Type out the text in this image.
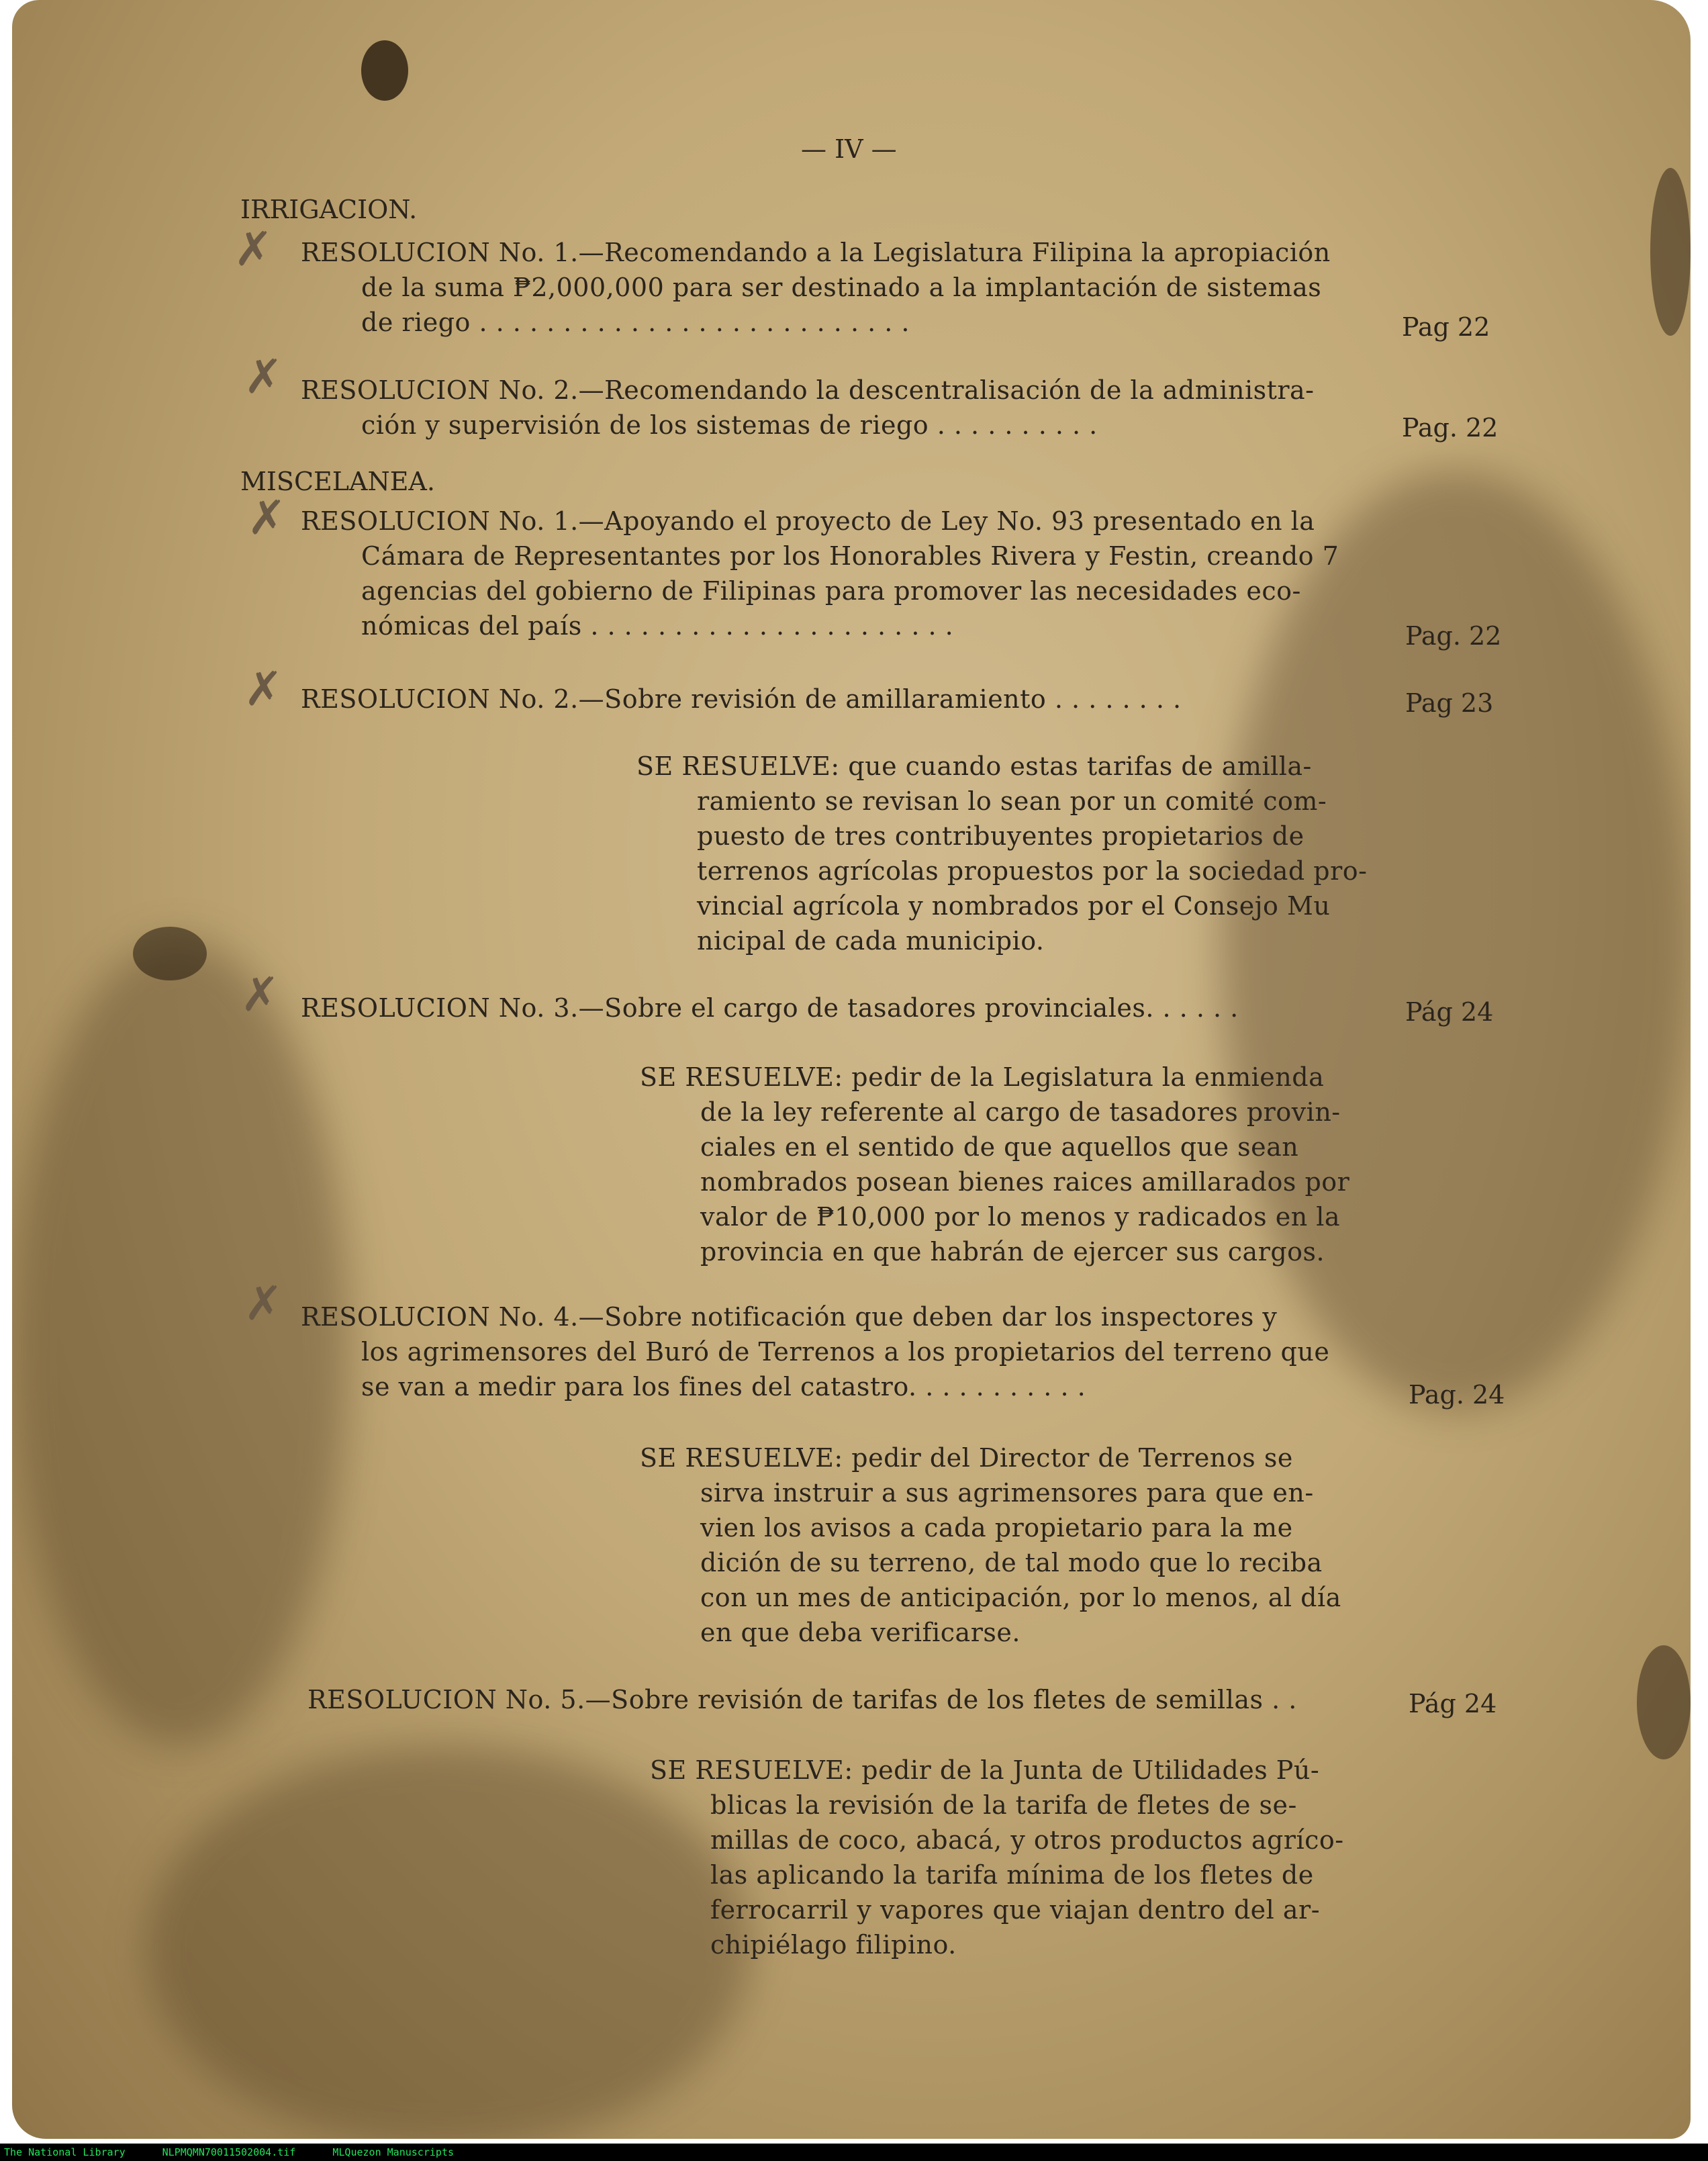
— IV —
IRRIGACION.
✗ RESOLUCION No. 1.—Recomendando a la Legislatura Filipina la apropiación
de la suma ₱2,000,000 para ser destinado a la implantación de sistemas
de riego . . . . . . . . . . . . . . . . . . . . . . . . . .	Pag 22
✗ RESOLUCION No. 2.—Recomendando la descentralisación de la administra-
ción y supervisión de los sistemas de riego . . . . . . . . . .	Pag. 22
MISCELANEA.
✗ RESOLUCION No. 1.—Apoyando el proyecto de Ley No. 93 presentado en la
Cámara de Representantes por los Honorables Rivera y Festin, creando 7
agencias del gobierno de Filipinas para promover las necesidades eco-
nómicas del país . . . . . . . . . . . . . . . . . . . . . .	Pag. 22
✗ RESOLUCION No. 2.—Sobre revisión de amillaramiento . . . . . . . .	Pag 23
SE RESUELVE: que cuando estas tarifas de amilla-
ramiento se revisan lo sean por un comité com-
puesto de tres contribuyentes propietarios de
terrenos agrícolas propuestos por la sociedad pro-
vincial agrícola y nombrados por el Consejo Mu
nicipal de cada municipio.
✗ RESOLUCION No. 3.—Sobre el cargo de tasadores provinciales. . . . . .	Pág 24
SE RESUELVE: pedir de la Legislatura la enmienda
de la ley referente al cargo de tasadores provin-
ciales en el sentido de que aquellos que sean
nombrados posean bienes raices amillarados por
valor de ₱10,000 por lo menos y radicados en la
provincia en que habrán de ejercer sus cargos.
✗ RESOLUCION No. 4.—Sobre notificación que deben dar los inspectores y
los agrimensores del Buró de Terrenos a los propietarios del terreno que
se van a medir para los fines del catastro. . . . . . . . . . .	Pag. 24
SE RESUELVE: pedir del Director de Terrenos se
sirva instruir a sus agrimensores para que en-
vien los avisos a cada propietario para la me
dición de su terreno, de tal modo que lo reciba
con un mes de anticipación, por lo menos, al día
en que deba verificarse.
RESOLUCION No. 5.—Sobre revisión de tarifas de los fletes de semillas . .	Pág 24
SE RESUELVE: pedir de la Junta de Utilidades Pú-
blicas la revisión de la tarifa de fletes de se-
millas de coco, abacá, y otros productos agríco-
las aplicando la tarifa mínima de los fletes de
ferrocarril y vapores que viajan dentro del ar-
chipiélago filipino.
The National Library	NLPMQMN70011502004.tif	MLQuezon Manuscripts
